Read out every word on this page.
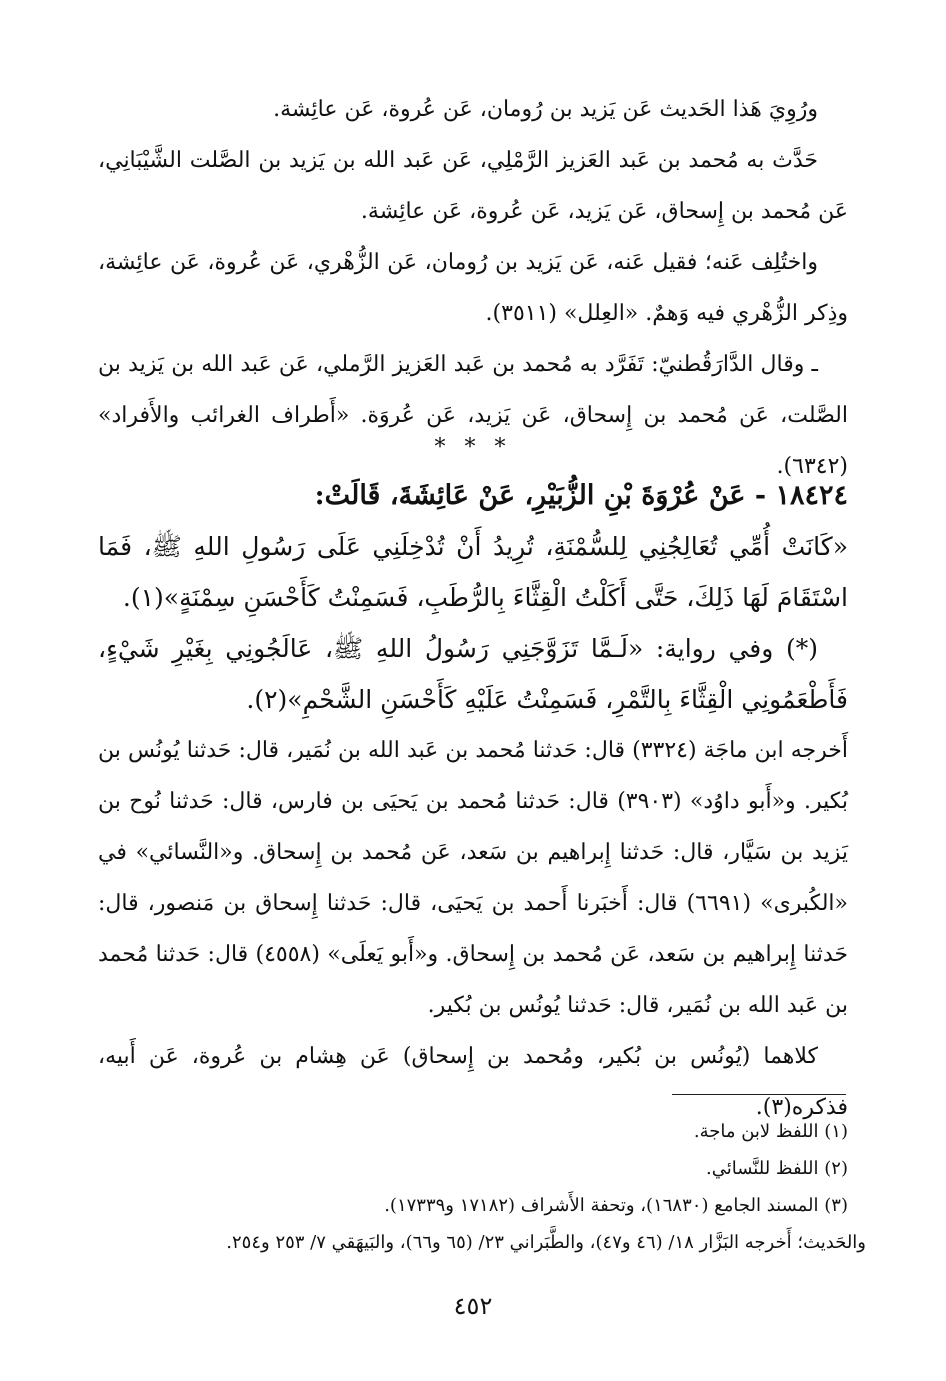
ورُوِيَ هَذا الحَديث عَن يَزيد بن رُومان، عَن عُروة، عَن عائِشة.

حَدَّث به مُحمد بن عَبد العَزيز الرَّمْلِي، عَن عَبد الله بن يَزيد بن الصَّلت الشَّيْبَانِي، عَن مُحمد بن إِسحاق، عَن يَزيد، عَن عُروة، عَن عائِشة.

واختُلِف عَنه؛ فقيل عَنه، عَن يَزيد بن رُومان، عَن الزُّهْري، عَن عُروة، عَن عائِشة، وذِكر الزُّهْري فيه وَهمٌ. «العِلل» (٣٥١١).

ـ وقال الدَّارَقُطنيّ: تَفَرَّد به مُحمد بن عَبد العَزيز الرَّملي، عَن عَبد الله بن يَزيد بن الصَّلت، عَن مُحمد بن إِسحاق، عَن يَزيد، عَن عُروَة. «أَطراف الغرائب والأَفراد» (٦٣٤٢).

* * *

١٨٤٢٤ - عَنْ عُرْوَةَ بْنِ الزُّبَيْرِ، عَنْ عَائِشَةَ، قَالَتْ:

«كَانَتْ أُمِّي تُعَالِجُنِي لِلسُّمْنَةِ، تُرِيدُ أَنْ تُدْخِلَنِي عَلَى رَسُولِ اللهِ ﷺ، فَمَا اسْتَقَامَ لَهَا ذَلِكَ، حَتَّى أَكَلْتُ الْقِثَّاءَ بِالرُّطَبِ، فَسَمِنْتُ كَأَحْسَنِ سِمْنَةٍ»(١).

(*) وفي رواية: «لَـمَّا تَزَوَّجَنِي رَسُولُ اللهِ ﷺ، عَالَجُونِي بِغَيْرِ شَيْءٍ، فَأَطْعَمُونِي الْقِثَّاءَ بِالتَّمْرِ، فَسَمِنْتُ عَلَيْهِ كَأَحْسَنِ الشَّحْمِ»(٢).

أَخرجه ابن ماجَة (٣٣٢٤) قال: حَدثنا مُحمد بن عَبد الله بن نُمَير، قال: حَدثنا يُونُس بن بُكير. و«أَبو داوُد» (٣٩٠٣) قال: حَدثنا مُحمد بن يَحيَى بن فارس، قال: حَدثنا نُوح بن يَزيد بن سَيَّار، قال: حَدثنا إِبراهيم بن سَعد، عَن مُحمد بن إِسحاق. و«النَّسائي» في «الكُبرى» (٦٦٩١) قال: أَخبَرنا أَحمد بن يَحيَى، قال: حَدثنا إِسحاق بن مَنصور، قال: حَدثنا إِبراهيم بن سَعد، عَن مُحمد بن إِسحاق. و«أَبو يَعلَى» (٤٥٥٨) قال: حَدثنا مُحمد بن عَبد الله بن نُمَير، قال: حَدثنا يُونُس بن بُكير.

كلاهما (يُونُس بن بُكير، ومُحمد بن إِسحاق) عَن هِشام بن عُروة، عَن أَبيه، فذكره(٣).

(١) اللفظ لابن ماجة.

(٢) اللفظ للنَّسائي.

(٣) المسند الجامع (١٦٨٣٠)، وتحفة الأَشراف (١٧١٨٢ و١٧٣٣٩).

والحَديث؛ أَخرجه البَزَّار ١٨/ (٤٦ و٤٧)، والطَّبَراني ٢٣/ (٦٥ و٦٦)، والبَيهَقي ٧/ ٢٥٣ و٢٥٤.

٤٥٢
